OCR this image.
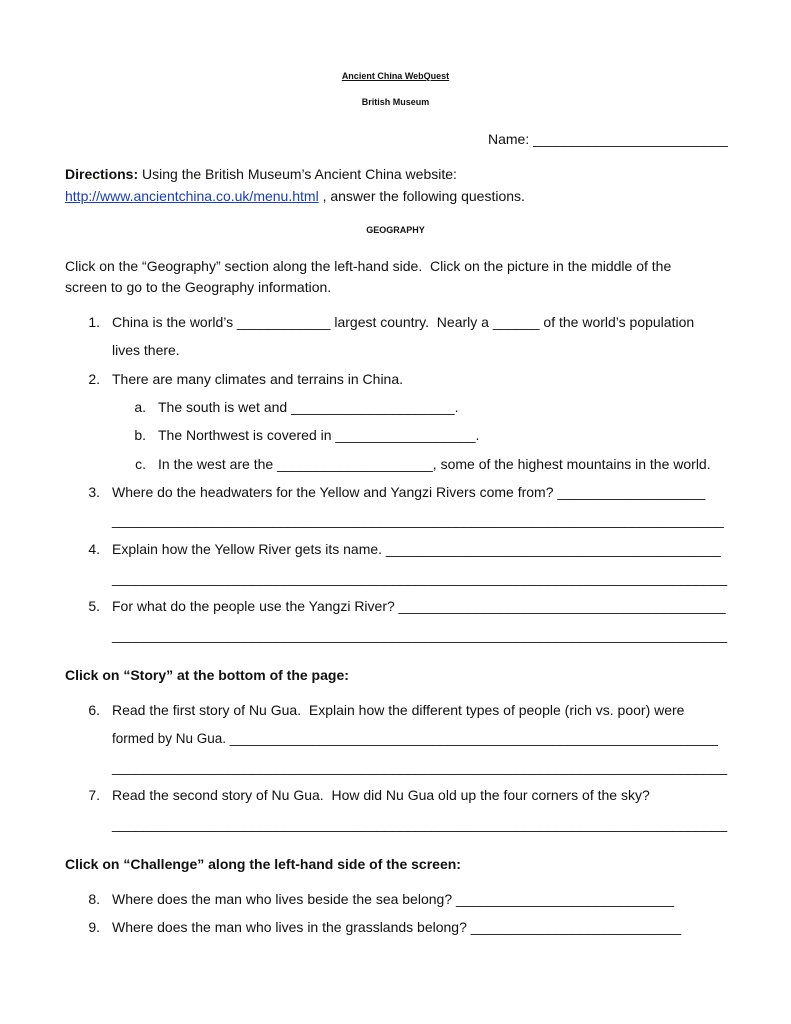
Ancient China WebQuest
British Museum
Name: _________________________
Directions: Using the British Museum’s Ancient China website:
http://www.ancientchina.co.uk/menu.html , answer the following questions.
GEOGRAPHY
Click on the “Geography” section along the left-hand side.  Click on the picture in the middle of the
screen to go to the Geography information.
1. China is the world’s ____________ largest country.  Nearly a ______ of the world’s population
lives there.
2. There are many climates and terrains in China.
a. The south is wet and _____________________.
b. The Northwest is covered in __________________.
c. In the west are the ____________________, some of the highest mountains in the world.
3. Where do the headwaters for the Yellow and Yangzi Rivers come from? ___________________
________________________________________________________________________________
4. Explain how the Yellow River gets its name. ___________________________________________
_______________________________________________________________________________
5. For what do the people use the Yangzi River? __________________________________________
_______________________________________________________________________________
Click on “Story” at the bottom of the page:
6. Read the first story of Nu Gua.  Explain how the different types of people (rich vs. poor) were
formed by Nu Gua. _________________________________________________________________
_______________________________________________________________________________
7. Read the second story of Nu Gua.  How did Nu Gua old up the four corners of the sky?
_______________________________________________________________________________
Click on “Challenge” along the left-hand side of the screen:
8. Where does the man who lives beside the sea belong? ____________________________
9. Where does the man who lives in the grasslands belong? ___________________________
